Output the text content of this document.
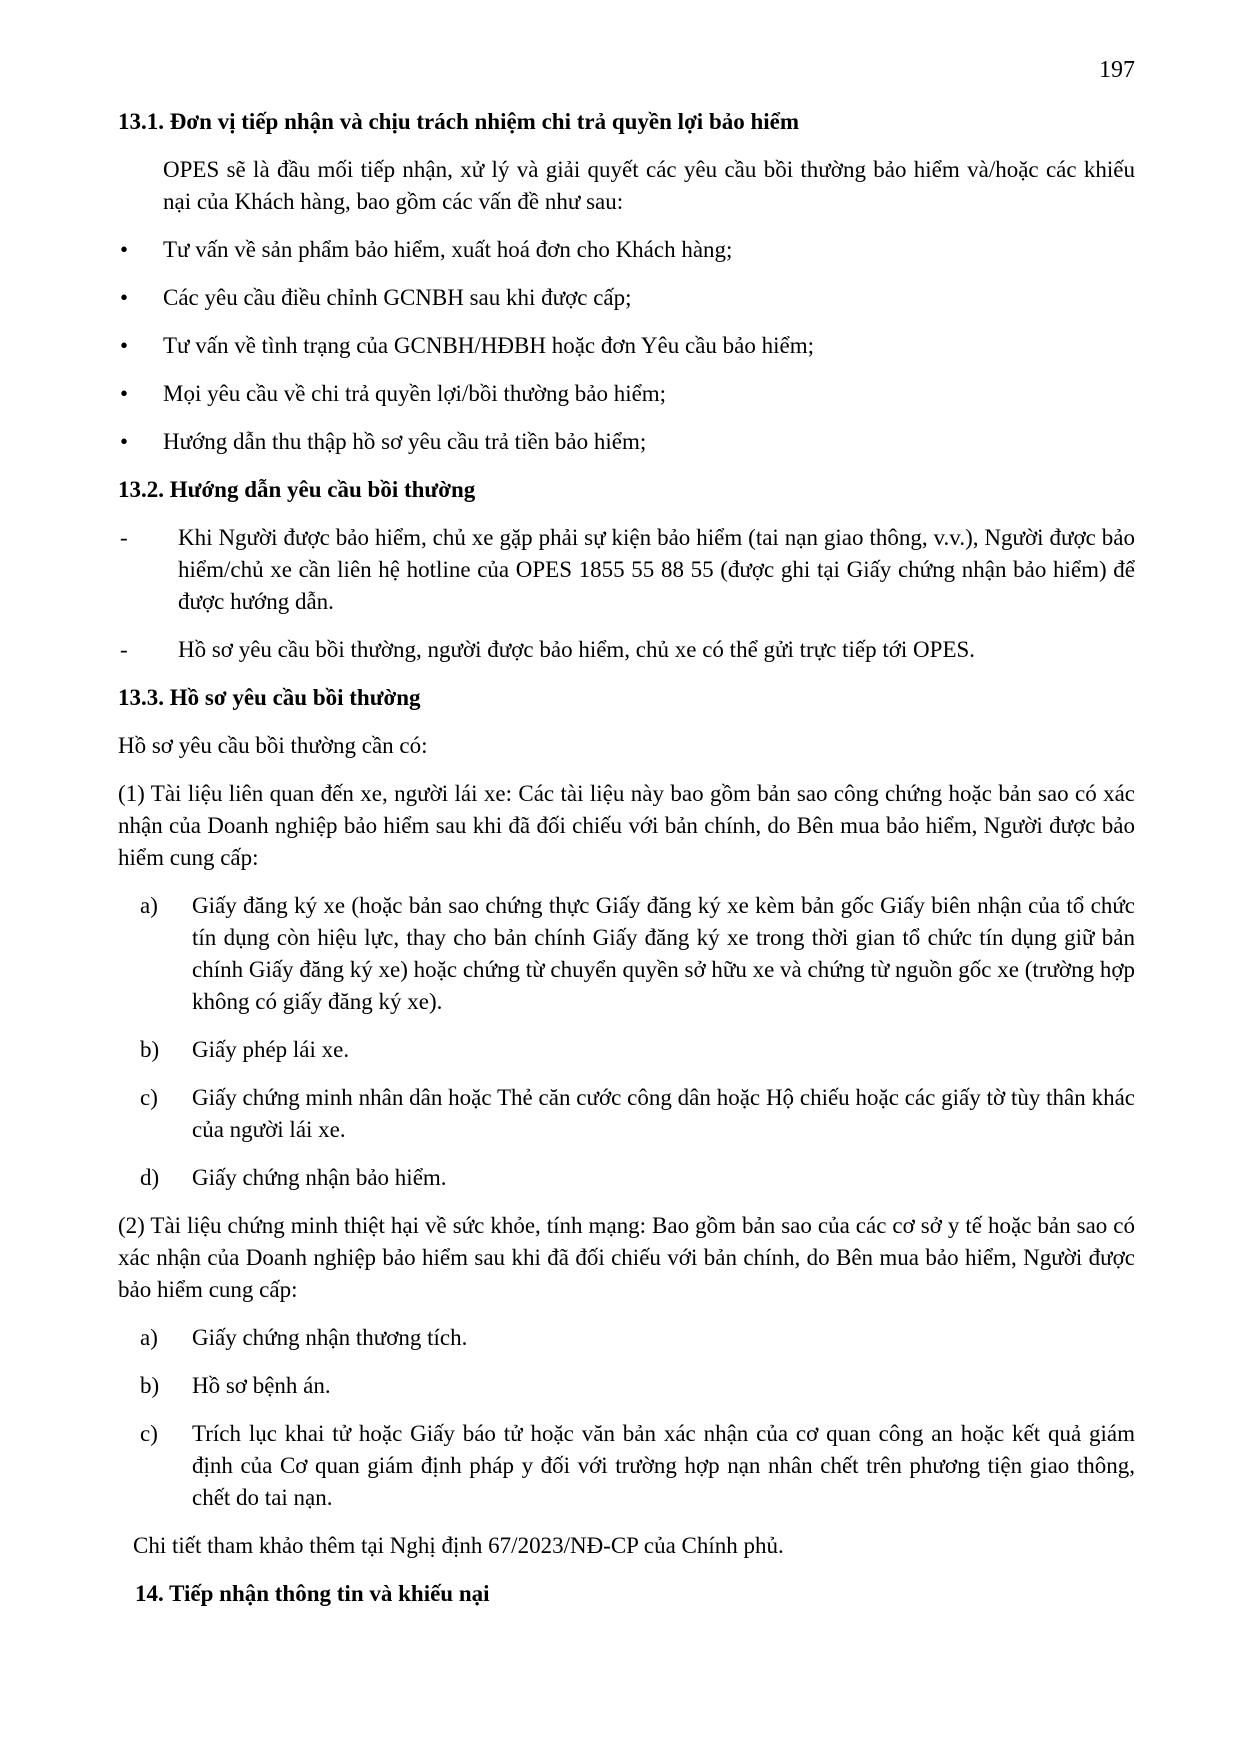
197
13.1. Đơn vị tiếp nhận và chịu trách nhiệm chi trả quyền lợi bảo hiểm

OPES sẽ là đầu mối tiếp nhận, xử lý và giải quyết các yêu cầu bồi thường bảo hiểm và/hoặc các khiếu nại của Khách hàng, bao gồm các vấn đề như sau:

• Tư vấn về sản phẩm bảo hiểm, xuất hoá đơn cho Khách hàng;
• Các yêu cầu điều chỉnh GCNBH sau khi được cấp;
• Tư vấn về tình trạng của GCNBH/HĐBH hoặc đơn Yêu cầu bảo hiểm;
• Mọi yêu cầu về chi trả quyền lợi/bồi thường bảo hiểm;
• Hướng dẫn thu thập hồ sơ yêu cầu trả tiền bảo hiểm;
13.2. Hướng dẫn yêu cầu bồi thường
- Khi Người được bảo hiểm, chủ xe gặp phải sự kiện bảo hiểm (tai nạn giao thông, v.v.), Người được bảo hiểm/chủ xe cần liên hệ hotline của OPES 1855 55 88 55 (được ghi tại Giấy chứng nhận bảo hiểm) để được hướng dẫn.
- Hồ sơ yêu cầu bồi thường, người được bảo hiểm, chủ xe có thể gửi trực tiếp tới OPES.
13.3. Hồ sơ yêu cầu bồi thường

Hồ sơ yêu cầu bồi thường cần có:

(1) Tài liệu liên quan đến xe, người lái xe: Các tài liệu này bao gồm bản sao công chứng hoặc bản sao có xác nhận của Doanh nghiệp bảo hiểm sau khi đã đối chiếu với bản chính, do Bên mua bảo hiểm, Người được bảo hiểm cung cấp:

a) Giấy đăng ký xe (hoặc bản sao chứng thực Giấy đăng ký xe kèm bản gốc Giấy biên nhận của tổ chức tín dụng còn hiệu lực, thay cho bản chính Giấy đăng ký xe trong thời gian tổ chức tín dụng giữ bản chính Giấy đăng ký xe) hoặc chứng từ chuyển quyền sở hữu xe và chứng từ nguồn gốc xe (trường hợp không có giấy đăng ký xe).
b) Giấy phép lái xe.
c) Giấy chứng minh nhân dân hoặc Thẻ căn cước công dân hoặc Hộ chiếu hoặc các giấy tờ tùy thân khác của người lái xe.
d) Giấy chứng nhận bảo hiểm.

(2) Tài liệu chứng minh thiệt hại về sức khỏe, tính mạng: Bao gồm bản sao của các cơ sở y tế hoặc bản sao có xác nhận của Doanh nghiệp bảo hiểm sau khi đã đối chiếu với bản chính, do Bên mua bảo hiểm, Người được bảo hiểm cung cấp:

a) Giấy chứng nhận thương tích.
b) Hồ sơ bệnh án.
c) Trích lục khai tử hoặc Giấy báo tử hoặc văn bản xác nhận của cơ quan công an hoặc kết quả giám định của Cơ quan giám định pháp y đối với trường hợp nạn nhân chết trên phương tiện giao thông, chết do tai nạn.

Chi tiết tham khảo thêm tại Nghị định 67/2023/NĐ-CP của Chính phủ.

14. Tiếp nhận thông tin và khiếu nại
